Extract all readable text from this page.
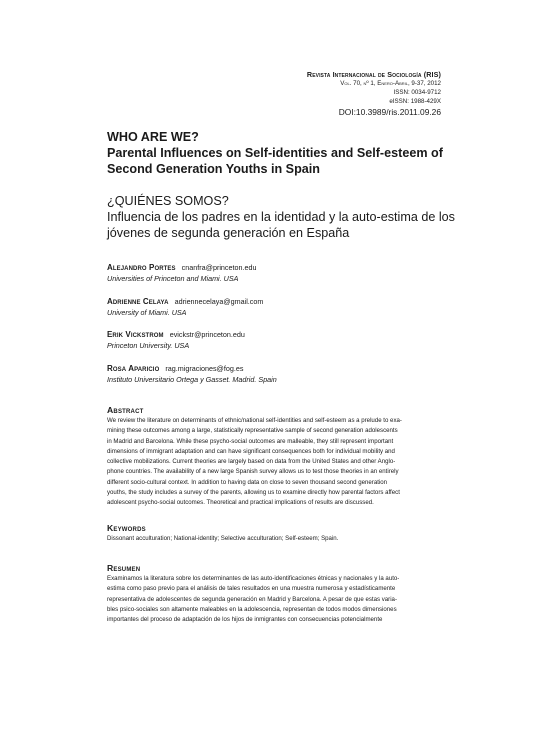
Revista Internacional de Sociología (RIS)
Vol. 70, nº 1, Enero-Abril, 9-37, 2012
ISSN: 0034-9712
eISSN: 1988-429X
DOI:10.3989/ris.2011.09.26
WHO ARE WE?
Parental Influences on Self-identities and Self-esteem of
Second Generation Youths in Spain
¿QUIÉNES SOMOS?
Influencia de los padres en la identidad y la auto-estima de los
jóvenes de segunda generación en España
Alejandro Portes cnanfra@princeton.edu
Universities of Princeton and Miami. USA
Adrienne Celaya adriennecelaya@gmail.com
University of Miami. USA
Erik Vickstrom evickstr@princeton.edu
Princeton University. USA
Rosa Aparicio rag.migraciones@fog.es
Instituto Universitario Ortega y Gasset. Madrid. Spain
Abstract
We review the literature on determinants of ethnic/national self-identities and self-esteem as a prelude to exa-
mining these outcomes among a large, statistically representative sample of second generation adolescents
in Madrid and Barcelona. While these psycho-social outcomes are malleable, they still represent important
dimensions of immigrant adaptation and can have significant consequences both for individual mobility and
collective mobilizations. Current theories are largely based on data from the United States and other Anglo-
phone countries. The availability of a new large Spanish survey allows us to test those theories in an entirely
different socio-cultural context. In addition to having data on close to seven thousand second generation
youths, the study includes a survey of the parents, allowing us to examine directly how parental factors affect
adolescent psycho-social outcomes. Theoretical and practical implications of results are discussed.
Keywords
Dissonant acculturation; National-identity; Selective acculturation; Self-esteem; Spain.
Resumen
Examinamos la literatura sobre los determinantes de las auto-identificaciones étnicas y nacionales y la auto-
estima como paso previo para el análisis de tales resultados en una muestra numerosa y estadísticamente
representativa de adolescentes de segunda generación en Madrid y Barcelona. A pesar de que estas varia-
bles psico-sociales son altamente maleables en la adolescencia, representan de todos modos dimensiones
importantes del proceso de adaptación de los hijos de inmigrantes con consecuencias potencialmente
